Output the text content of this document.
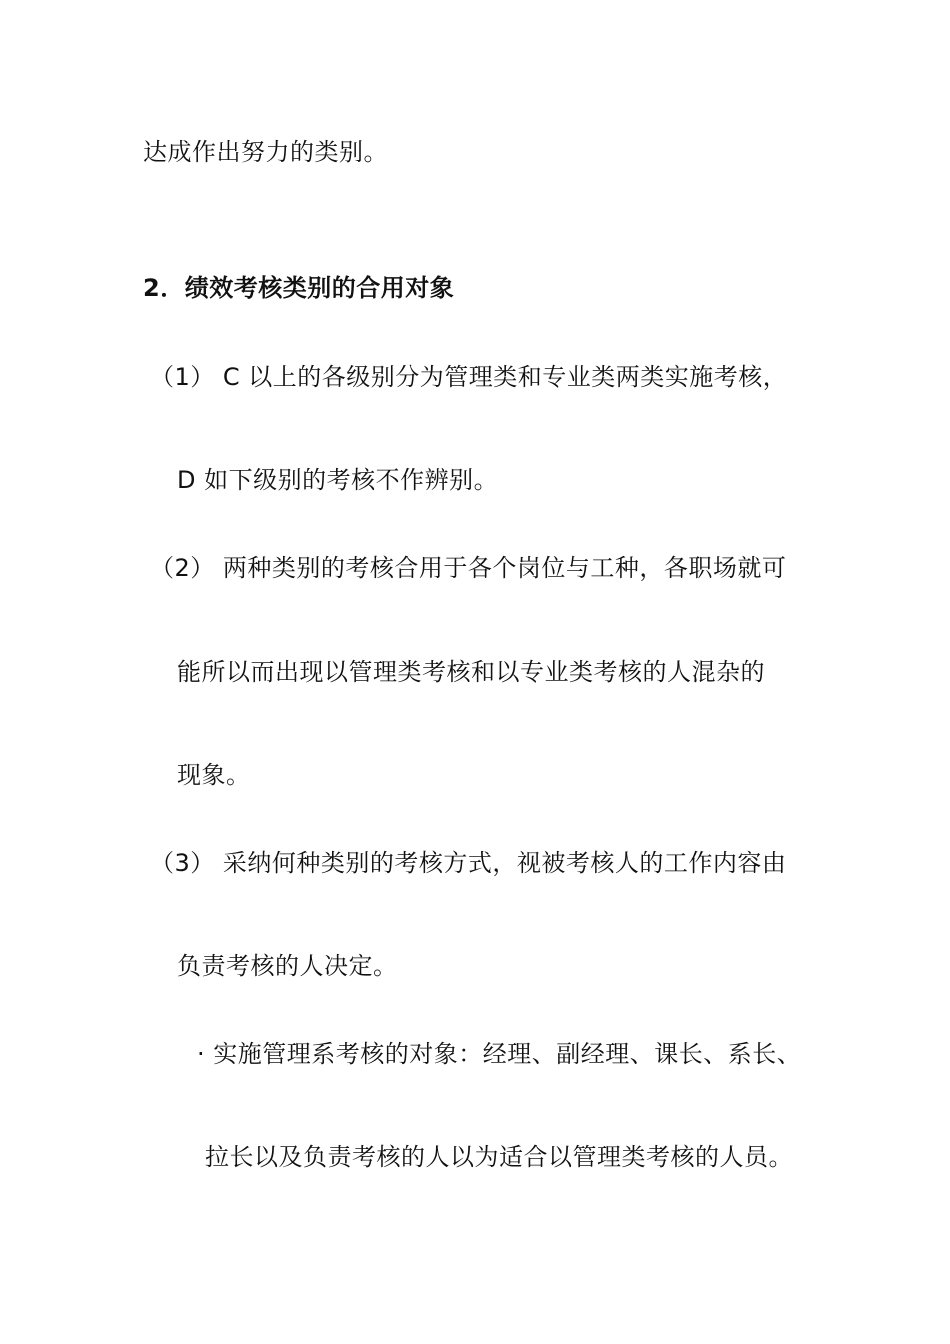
达成作出努力的类别。
2．绩效考核类别的合用对象
（1） C 以上的各级别分为管理类和专业类两类实施考核，
D 如下级别的考核不作辨别。
（2） 两种类别的考核合用于各个岗位与工种，各职场就可
能所以而出现以管理类考核和以专业类考核的人混杂的
现象。
（3） 采纳何种类别的考核方式，视被考核人的工作内容由
负责考核的人决定。
· 实施管理系考核的对象：经理、副经理、课长、系长、
拉长以及负责考核的人以为适合以管理类考核的人员。
